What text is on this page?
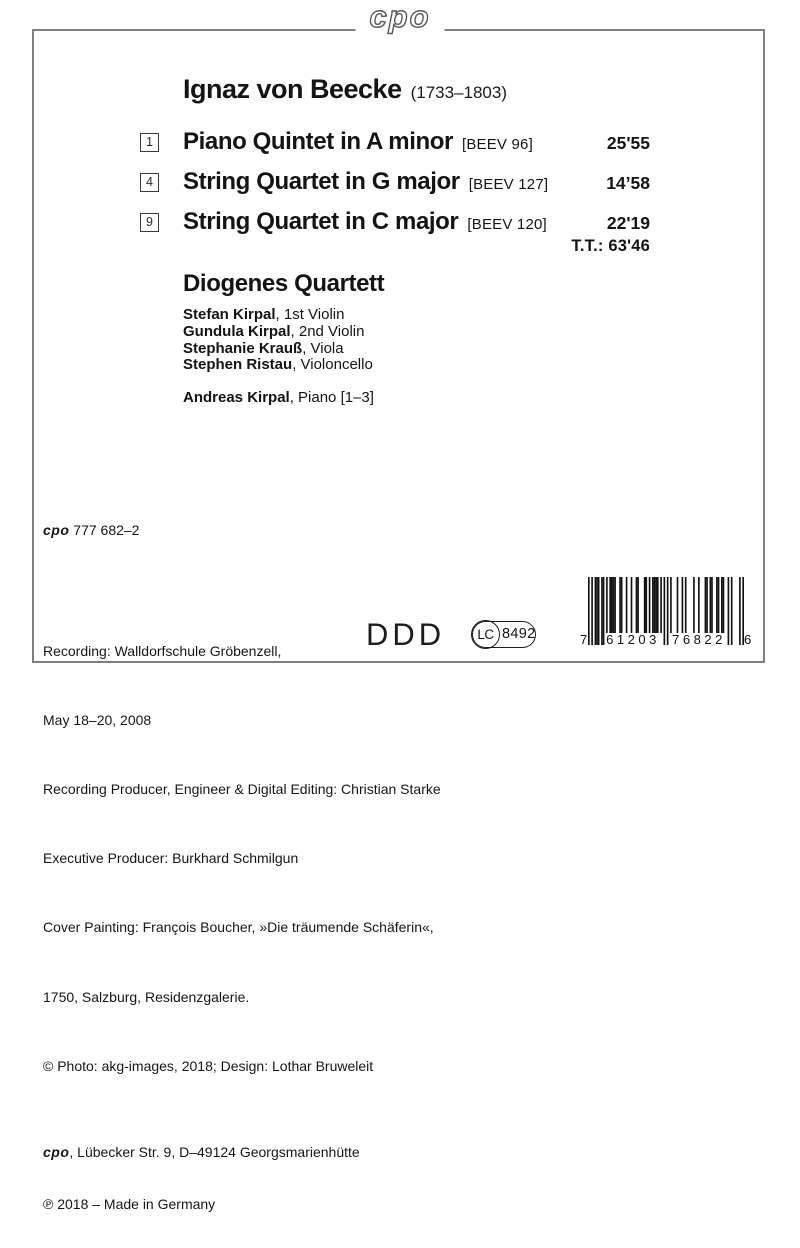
cpo
Ignaz von Beecke (1733–1803)
1 Piano Quintet in A minor [BEEV 96]	25'55
4 String Quartet in G major [BEEV 127]	14’58
9 String Quartet in C major [BEEV 120]	22'19
T.T.: 63'46
Diogenes Quartett
Stefan Kirpal, 1st Violin
Gundula Kirpal, 2nd Violin
Stephanie Krauß, Viola
Stephen Ristau, Violoncello
Andreas Kirpal, Piano [1–3]

cpo 777 682–2

Recording: Walldorfschule Gröbenzell,

May 18–20, 2008

Recording Producer, Engineer & Digital Editing: Christian Starke

Executive Producer: Burkhard Schmilgun

Cover Painting: François Boucher, »Die träumende Schäferin«,

1750, Salzburg, Residenzgalerie.

© Photo: akg-images, 2018; Design: Lothar Bruweleit

cpo, Lübecker Str. 9, D–49124 Georgsmarienhütte

℗ 2018 – Made in Germany

DDD	LC 8492	7	61203 76822	6
